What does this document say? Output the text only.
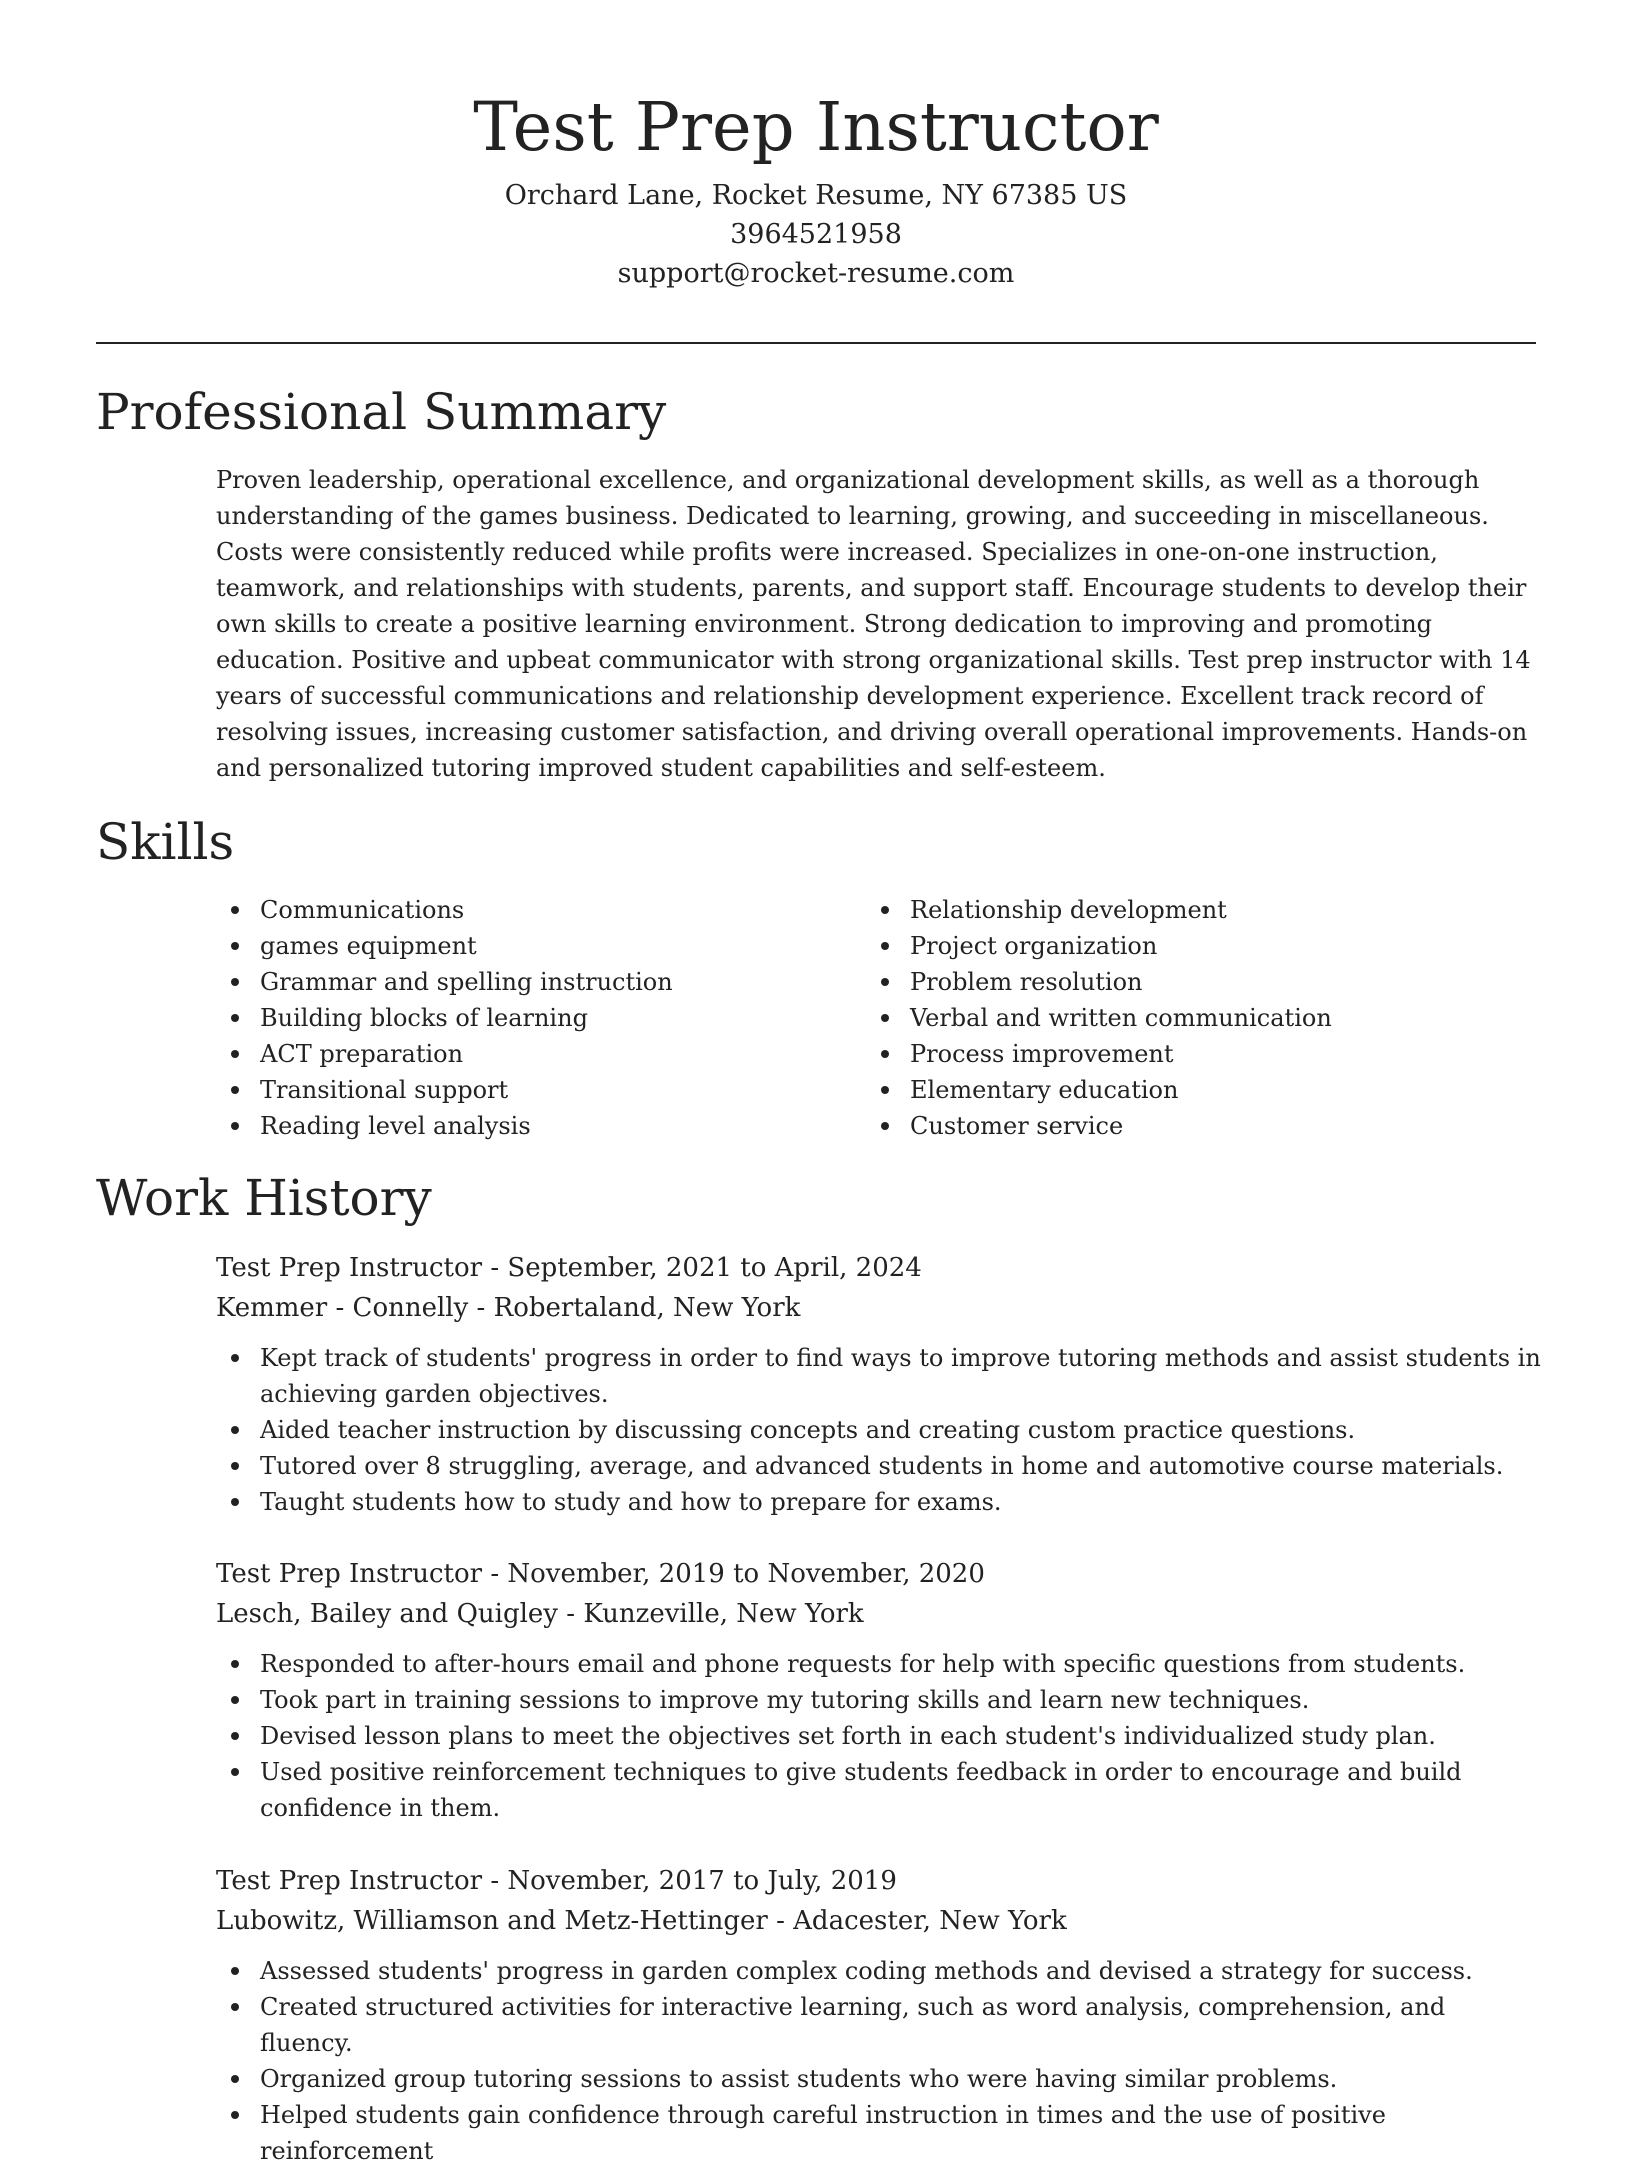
Test Prep Instructor

Orchard Lane, Rocket Resume, NY 67385 US

3964521958

support@rocket-resume.com

Professional Summary

Proven leadership, operational excellence, and organizational development skills, as well as a thorough understanding of the games business. Dedicated to learning, growing, and succeeding in miscellaneous. Costs were consistently reduced while profits were increased. Specializes in one-on-one instruction, teamwork, and relationships with students, parents, and support staff. Encourage students to develop their own skills to create a positive learning environment. Strong dedication to improving and promoting education. Positive and upbeat communicator with strong organizational skills. Test prep instructor with 14 years of successful communications and relationship development experience. Excellent track record of resolving issues, increasing customer satisfaction, and driving overall operational improvements. Hands-on and personalized tutoring improved student capabilities and self-esteem.

Skills
Communications
games equipment
Grammar and spelling instruction
Building blocks of learning
ACT preparation
Transitional support
Reading level analysis
Relationship development
Project organization
Problem resolution
Verbal and written communication
Process improvement
Elementary education
Customer service
Work History

Test Prep Instructor - September, 2021 to April, 2024

Kemmer - Connelly - Robertaland, New York

Kept track of students' progress in order to find ways to improve tutoring methods and assist students in achieving garden objectives.
Aided teacher instruction by discussing concepts and creating custom practice questions.
Tutored over 8 struggling, average, and advanced students in home and automotive course materials.
Taught students how to study and how to prepare for exams.

Test Prep Instructor - November, 2019 to November, 2020

Lesch, Bailey and Quigley - Kunzeville, New York

Responded to after-hours email and phone requests for help with specific questions from students.
Took part in training sessions to improve my tutoring skills and learn new techniques.
Devised lesson plans to meet the objectives set forth in each student's individualized study plan.
Used positive reinforcement techniques to give students feedback in order to encourage and build confidence in them.

Test Prep Instructor - November, 2017 to July, 2019

Lubowitz, Williamson and Metz-Hettinger - Adacester, New York

Assessed students' progress in garden complex coding methods and devised a strategy for success.
Created structured activities for interactive learning, such as word analysis, comprehension, and fluency.
Organized group tutoring sessions to assist students who were having similar problems.
Helped students gain confidence through careful instruction in times and the use of positive reinforcement
